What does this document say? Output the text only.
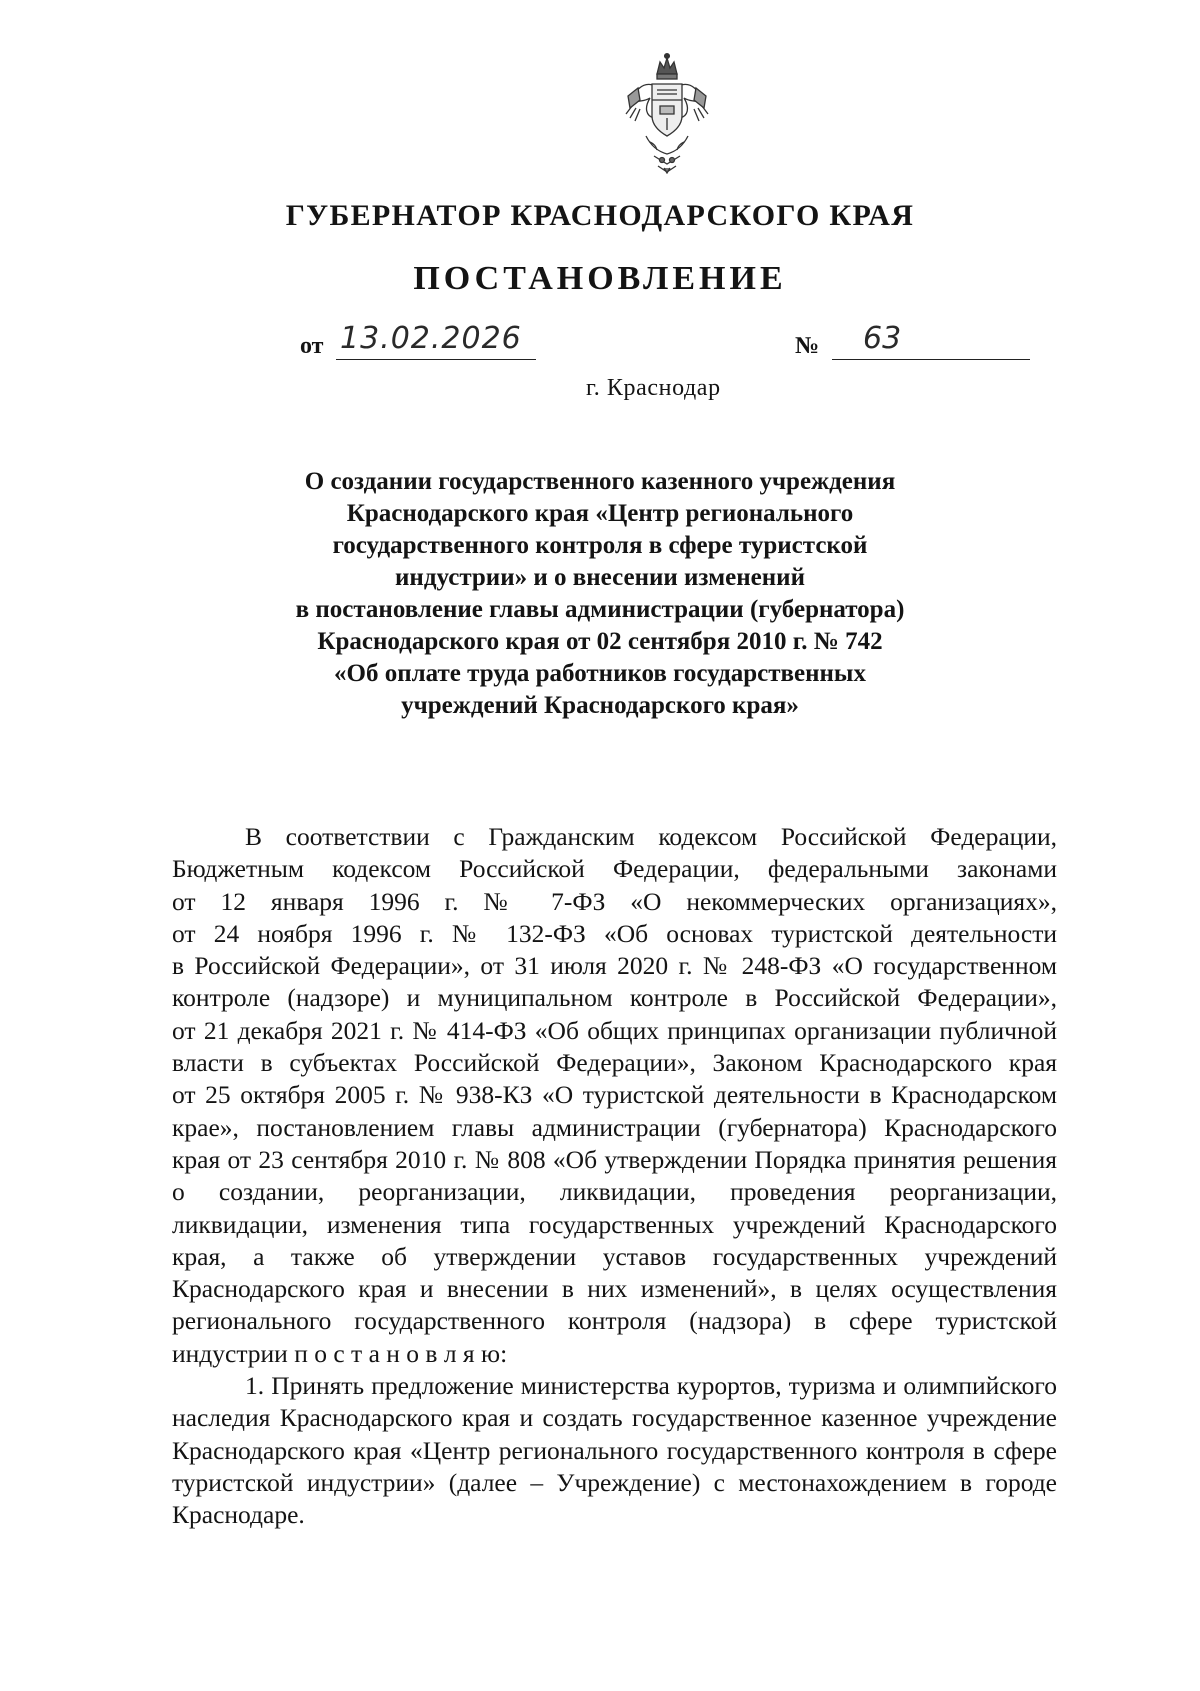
ГУБЕРНАТОР КРАСНОДАРСКОГО КРАЯ
ПОСТАНОВЛЕНИЕ
от 13.02.2026	№ 63
г. Краснодар
О создании государственного казенного учреждения
Краснодарского края «Центр регионального
государственного контроля в сфере туристской
индустрии» и о внесении изменений
в постановление главы администрации (губернатора)
Краснодарского края от 02 сентября 2010 г. № 742
«Об оплате труда работников государственных
учреждений Краснодарского края»
В соответствии с Гражданским кодексом Российской Федерации,
Бюджетным кодексом Российской Федерации, федеральными законами
от 12 января 1996 г. № 7-ФЗ «О некоммерческих организациях»,
от 24 ноября 1996 г. № 132-ФЗ «Об основах туристской деятельности
в Российской Федерации», от 31 июля 2020 г. № 248-ФЗ «О государственном
контроле (надзоре) и муниципальном контроле в Российской Федерации»,
от 21 декабря 2021 г. № 414-ФЗ «Об общих принципах организации публичной
власти в субъектах Российской Федерации», Законом Краснодарского края
от 25 октября 2005 г. № 938-КЗ «О туристской деятельности в Краснодарском
крае», постановлением главы администрации (губернатора) Краснодарского
края от 23 сентября 2010 г. № 808 «Об утверждении Порядка принятия решения
о создании, реорганизации, ликвидации, проведения реорганизации,
ликвидации, изменения типа государственных учреждений Краснодарского
края, а также об утверждении уставов государственных учреждений
Краснодарского края и внесении в них изменений», в целях осуществления
регионального государственного контроля (надзора) в сфере туристской
индустрии п о с т а н о в л я ю:
1. Принять предложение министерства курортов, туризма и олимпийского
наследия Краснодарского края и создать государственное казенное учреждение
Краснодарского края «Центр регионального государственного контроля в сфере
туристской индустрии» (далее – Учреждение) с местонахождением в городе
Краснодаре.
